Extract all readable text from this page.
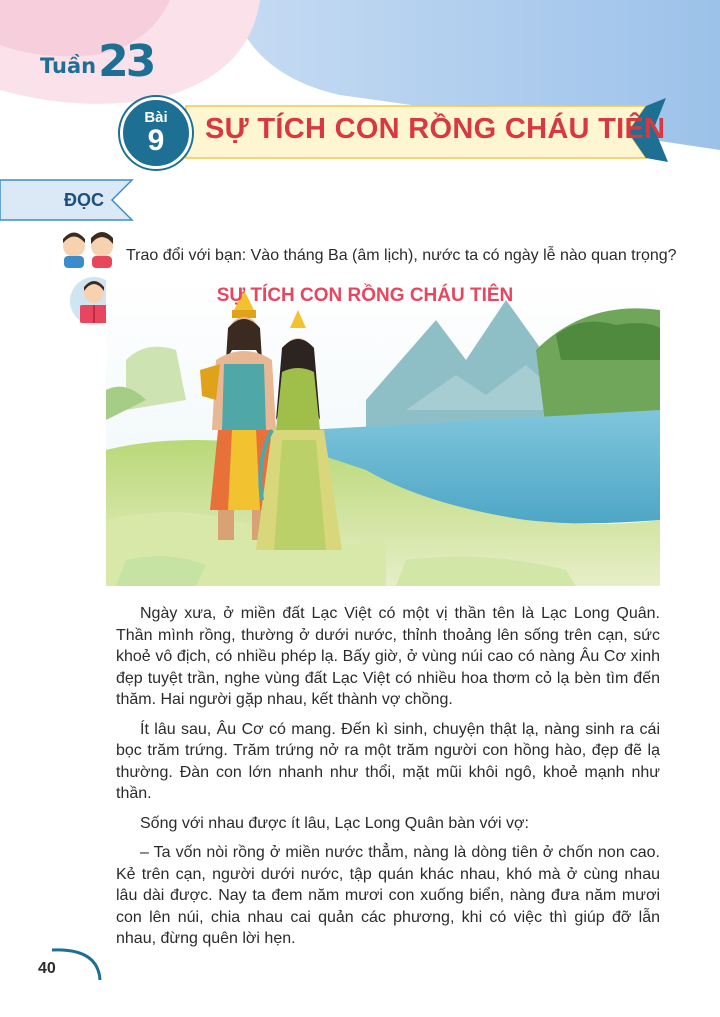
Tuần 23
Bài
9 SỰ TÍCH CON RỒNG CHÁU TIÊN
ĐỌC
Trao đổi với bạn: Vào tháng Ba (âm lịch), nước ta có ngày lễ nào quan trọng?
SỰ TÍCH CON RỒNG CHÁU TIÊN

Ngày xưa, ở miền đất Lạc Việt có một vị thần tên là Lạc Long Quân. Thần mình rồng, thường ở dưới nước, thỉnh thoảng lên sống trên cạn, sức khoẻ vô địch, có nhiều phép lạ. Bấy giờ, ở vùng núi cao có nàng Âu Cơ xinh đẹp tuyệt trần, nghe vùng đất Lạc Việt có nhiều hoa thơm cỏ lạ bèn tìm đến thăm. Hai người gặp nhau, kết thành vợ chồng.

Ít lâu sau, Âu Cơ có mang. Đến kì sinh, chuyện thật lạ, nàng sinh ra cái bọc trăm trứng. Trăm trứng nở ra một trăm người con hồng hào, đẹp đẽ lạ thường. Đàn con lớn nhanh như thổi, mặt mũi khôi ngô, khoẻ mạnh như thần.

Sống với nhau được ít lâu, Lạc Long Quân bàn với vợ:

– Ta vốn nòi rồng ở miền nước thẳm, nàng là dòng tiên ở chốn non cao. Kẻ trên cạn, người dưới nước, tập quán khác nhau, khó mà ở cùng nhau lâu dài được. Nay ta đem năm mươi con xuống biển, nàng đưa năm mươi con lên núi, chia nhau cai quản các phương, khi có việc thì giúp đỡ lẫn nhau, đừng quên lời hẹn.

40
